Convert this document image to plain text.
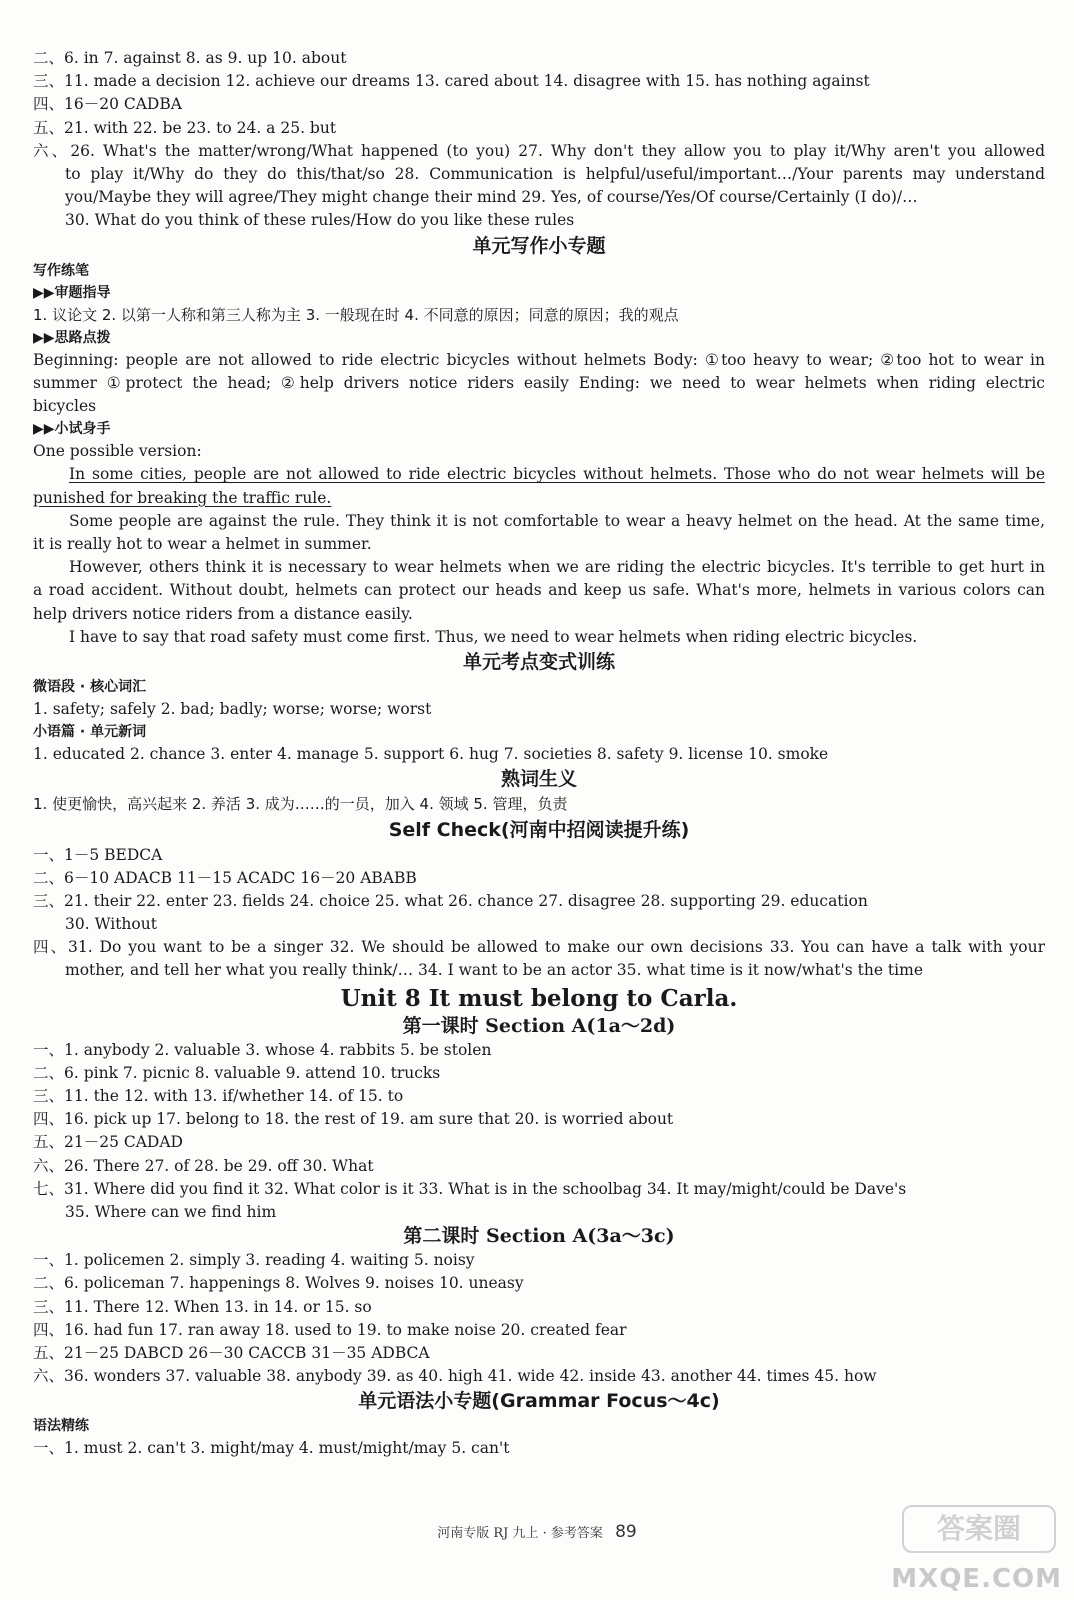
二、6. in 7. against 8. as 9. up 10. about
三、11. made a decision 12. achieve our dreams 13. cared about 14. disagree with 15. has nothing against
四、16－20 CADBA
五、21. with 22. be 23. to 24. a 25. but
六、26. What's the matter/wrong/What happened (to you) 27. Why don't they allow you to play it/Why aren't you allowed
to play it/Why do they do this/that/so 28. Communication is helpful/useful/important…/Your parents may understand
you/Maybe they will agree/They might change their mind 29. Yes, of course/Yes/Of course/Certainly (I do)/…
30. What do you think of these rules/How do you like these rules
单元写作小专题
写作练笔
▶▶审题指导
1. 议论文 2. 以第一人称和第三人称为主 3. 一般现在时 4. 不同意的原因；同意的原因；我的观点
▶▶思路点拨
Beginning: people are not allowed to ride electric bicycles without helmets Body: ①too heavy to wear; ②too hot to wear in
summer ①protect the head; ②help drivers notice riders easily Ending: we need to wear helmets when riding electric
bicycles
▶▶小试身手
One possible version:
In some cities, people are not allowed to ride electric bicycles without helmets. Those who do not wear helmets will be
punished for breaking the traffic rule.
Some people are against the rule. They think it is not comfortable to wear a heavy helmet on the head. At the same time,
it is really hot to wear a helmet in summer.
However, others think it is necessary to wear helmets when we are riding the electric bicycles. It's terrible to get hurt in
a road accident. Without doubt, helmets can protect our heads and keep us safe. What's more, helmets in various colors can
help drivers notice riders from a distance easily.
I have to say that road safety must come first. Thus, we need to wear helmets when riding electric bicycles.
单元考点变式训练
微语段 · 核心词汇
1. safety; safely 2. bad; badly; worse; worse; worst
小语篇 · 单元新词
1. educated 2. chance 3. enter 4. manage 5. support 6. hug 7. societies 8. safety 9. license 10. smoke
熟词生义
1. 使更愉快，高兴起来 2. 养活 3. 成为……的一员，加入 4. 领域 5. 管理，负责
Self Check(河南中招阅读提升练)
一、1－5 BEDCA
二、6－10 ADACB 11－15 ACADC 16－20 ABABB
三、21. their 22. enter 23. fields 24. choice 25. what 26. chance 27. disagree 28. supporting 29. education
30. Without
四、31. Do you want to be a singer 32. We should be allowed to make our own decisions 33. You can have a talk with your
mother, and tell her what you really think/… 34. I want to be an actor 35. what time is it now/what's the time
Unit 8 It must belong to Carla.
第一课时 Section A(1a～2d)
一、1. anybody 2. valuable 3. whose 4. rabbits 5. be stolen
二、6. pink 7. picnic 8. valuable 9. attend 10. trucks
三、11. the 12. with 13. if/whether 14. of 15. to
四、16. pick up 17. belong to 18. the rest of 19. am sure that 20. is worried about
五、21－25 CADAD
六、26. There 27. of 28. be 29. off 30. What
七、31. Where did you find it 32. What color is it 33. What is in the schoolbag 34. It may/might/could be Dave's
35. Where can we find him
第二课时 Section A(3a～3c)
一、1. policemen 2. simply 3. reading 4. waiting 5. noisy
二、6. policeman 7. happenings 8. Wolves 9. noises 10. uneasy
三、11. There 12. When 13. in 14. or 15. so
四、16. had fun 17. ran away 18. used to 19. to make noise 20. created fear
五、21－25 DABCD 26－30 CACCB 31－35 ADBCA
六、36. wonders 37. valuable 38. anybody 39. as 40. high 41. wide 42. inside 43. another 44. times 45. how
单元语法小专题(Grammar Focus～4c)
语法精练
一、1. must 2. can't 3. might/may 4. must/might/may 5. can't
河南专版 RJ 九上 · 参考答案 89	答案圈
MXQE.COM
